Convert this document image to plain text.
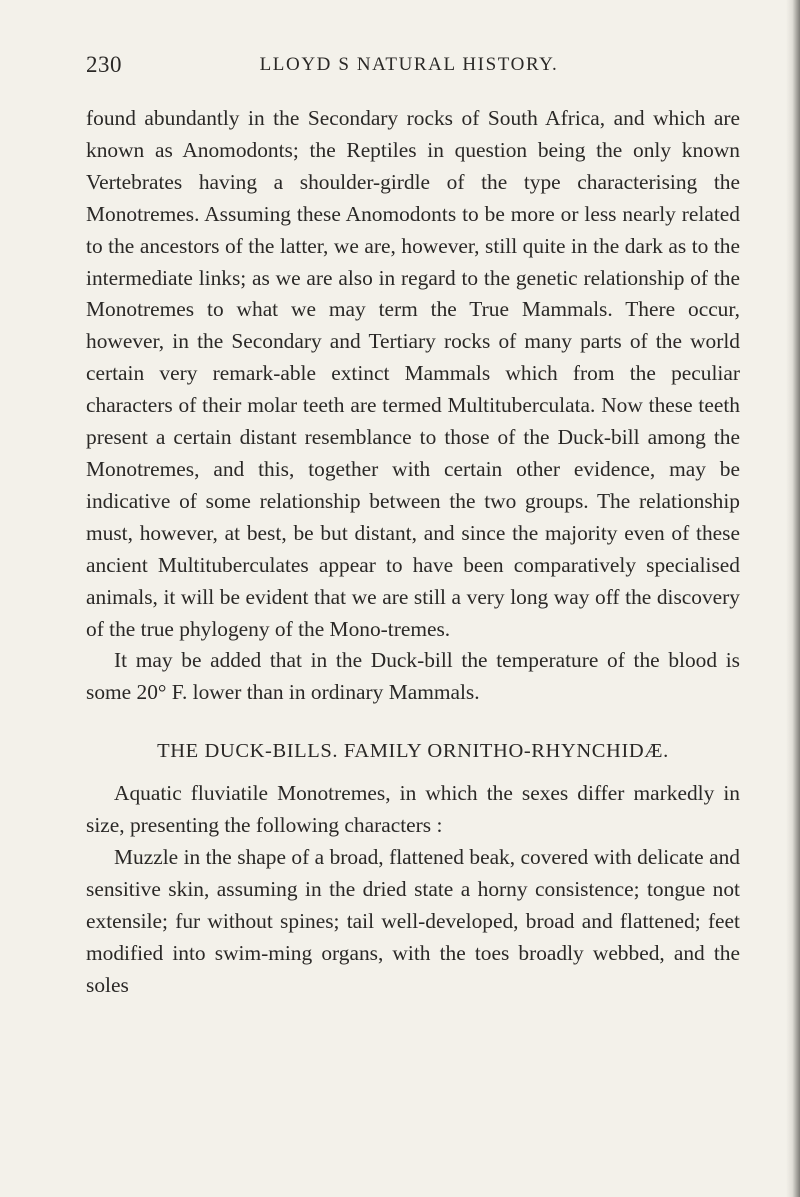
230	LLOYD S NATURAL HISTORY.

found abundantly in the Secondary rocks of South Africa, and which are known as Anomodonts; the Reptiles in question being the only known Vertebrates having a shoulder-girdle of the type characterising the Monotremes. Assuming these Anomodonts to be more or less nearly related to the ancestors of the latter, we are, however, still quite in the dark as to the intermediate links; as we are also in regard to the genetic relationship of the Monotremes to what we may term the True Mammals. There occur, however, in the Secondary and Tertiary rocks of many parts of the world certain very remark-able extinct Mammals which from the peculiar characters of their molar teeth are termed Multituberculata. Now these teeth present a certain distant resemblance to those of the Duck-bill among the Monotremes, and this, together with certain other evidence, may be indicative of some relationship between the two groups. The relationship must, however, at best, be but distant, and since the majority even of these ancient Multituberculates appear to have been comparatively specialised animals, it will be evident that we are still a very long way off the discovery of the true phylogeny of the Mono-tremes.

It may be added that in the Duck-bill the temperature of the blood is some 20° F. lower than in ordinary Mammals.

THE DUCK-BILLS. FAMILY ORNITHO-RHYNCHIDÆ.

Aquatic fluviatile Monotremes, in which the sexes differ markedly in size, presenting the following characters :

Muzzle in the shape of a broad, flattened beak, covered with delicate and sensitive skin, assuming in the dried state a horny consistence; tongue not extensile; fur without spines; tail well-developed, broad and flattened; feet modified into swim-ming organs, with the toes broadly webbed, and the soles
